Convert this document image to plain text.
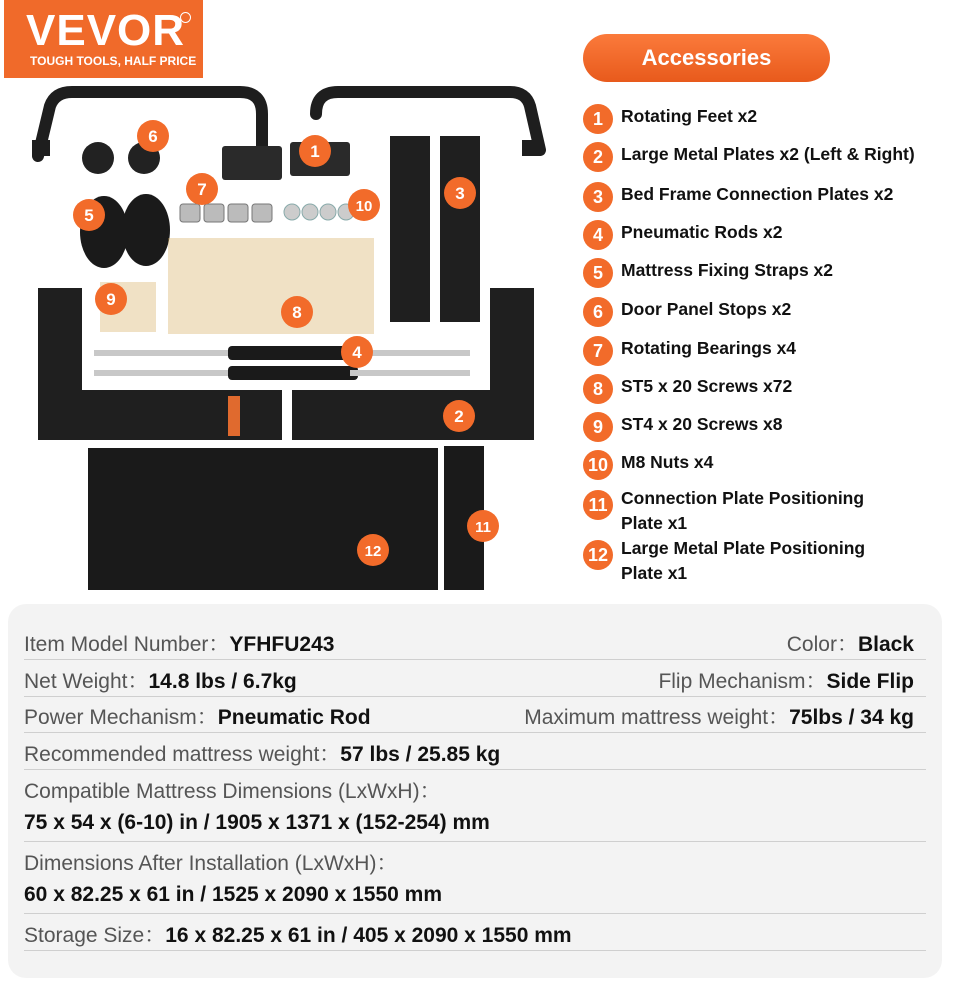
VEVOR
TOUGH TOOLS, HALF PRICE	Accessories
1	Rotating Feet x2
2	Large Metal Plates x2 (Left & Right)
3	Bed Frame Connection Plates x2
4	Pneumatic Rods x2
5	Mattress Fixing Straps x2
6	Door Panel Stops x2
7	Rotating Bearings x4
8	ST5 x 20 Screws x72
9	ST4 x 20 Screws x8
10 M8 Nuts x4
11 Connection Plate Positioning Plate x1
12 Large Metal Plate Positioning Plate x1
1
2
3
4
5
6
7
8
9
10
11
12
Item Model Number：YFHFU243	Color：Black
Net Weight：14.8 lbs / 6.7kg	Flip Mechanism：Side Flip
Power Mechanism：Pneumatic Rod	Maximum mattress weight：75lbs / 34 kg
Recommended mattress weight：57 lbs / 25.85 kg
Compatible Mattress Dimensions (LxWxH)：
75 x 54 x (6-10) in / 1905 x 1371 x (152-254) mm
Dimensions After Installation (LxWxH)：
60 x 82.25 x 61 in / 1525 x 2090 x 1550 mm
Storage Size：16 x 82.25 x 61 in / 405 x 2090 x 1550 mm
